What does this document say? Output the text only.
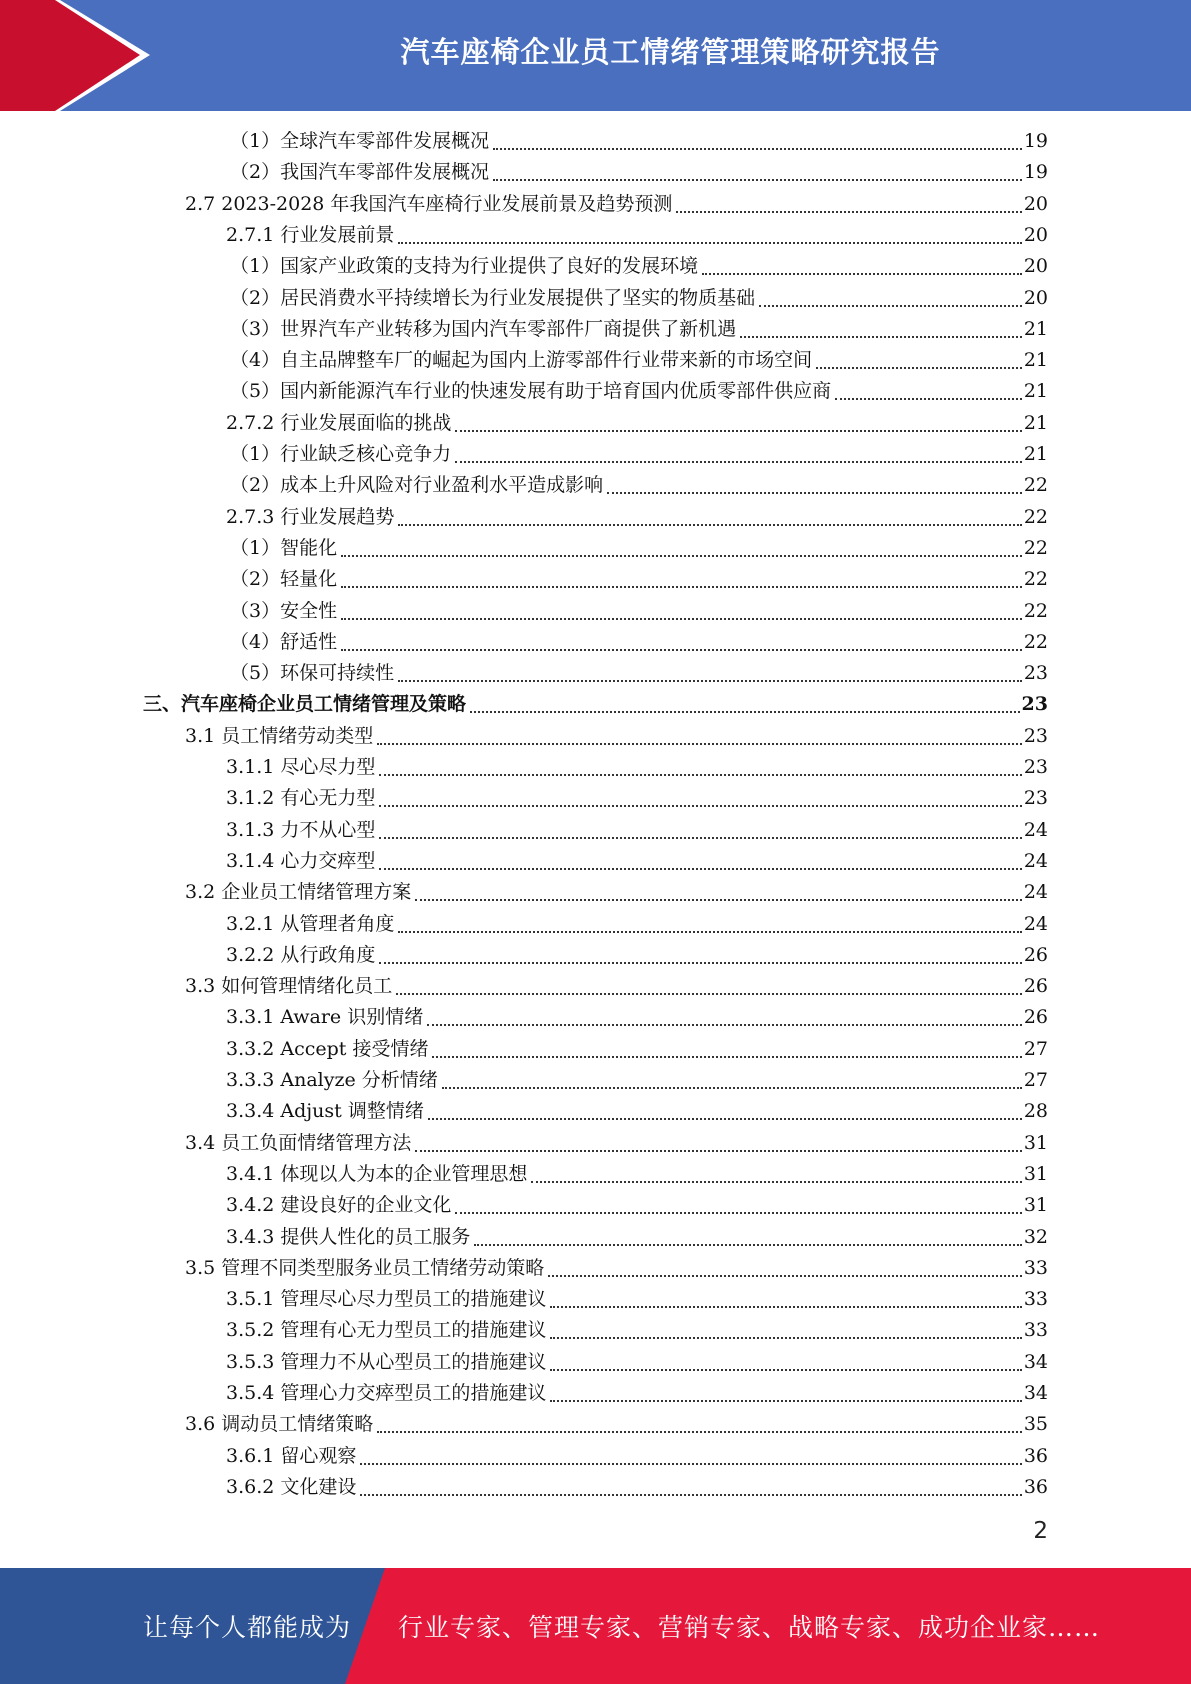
汽车座椅企业员工情绪管理策略研究报告
（1）全球汽车零部件发展概况	19
（2）我国汽车零部件发展概况	19
2.7 2023-2028 年我国汽车座椅行业发展前景及趋势预测	20
2.7.1 行业发展前景	20
（1）国家产业政策的支持为行业提供了良好的发展环境	20
（2）居民消费水平持续增长为行业发展提供了坚实的物质基础	20
（3）世界汽车产业转移为国内汽车零部件厂商提供了新机遇	21
（4）自主品牌整车厂的崛起为国内上游零部件行业带来新的市场空间	21
（5）国内新能源汽车行业的快速发展有助于培育国内优质零部件供应商	21
2.7.2 行业发展面临的挑战	21
（1）行业缺乏核心竞争力	21
（2）成本上升风险对行业盈利水平造成影响	22
2.7.3 行业发展趋势	22
（1）智能化	22
（2）轻量化	22
（3）安全性	22
（4）舒适性	22
（5）环保可持续性	23
三、汽车座椅企业员工情绪管理及策略	23
3.1 员工情绪劳动类型	23
3.1.1 尽心尽力型	23
3.1.2 有心无力型	23
3.1.3 力不从心型	24
3.1.4 心力交瘁型	24
3.2 企业员工情绪管理方案	24
3.2.1 从管理者角度	24
3.2.2 从行政角度	26
3.3 如何管理情绪化员工	26
3.3.1 Aware 识别情绪	26
3.3.2 Accept 接受情绪	27
3.3.3 Analyze 分析情绪	27
3.3.4 Adjust 调整情绪	28
3.4 员工负面情绪管理方法	31
3.4.1 体现以人为本的企业管理思想	31
3.4.2 建设良好的企业文化	31
3.4.3 提供人性化的员工服务	32
3.5 管理不同类型服务业员工情绪劳动策略	33
3.5.1 管理尽心尽力型员工的措施建议	33
3.5.2 管理有心无力型员工的措施建议	33
3.5.3 管理力不从心型员工的措施建议	34
3.5.4 管理心力交瘁型员工的措施建议	34
3.6 调动员工情绪策略	35
3.6.1 留心观察	36
3.6.2 文化建设	36
2
让每个人都能成为 行业专家、管理专家、营销专家、战略专家、成功企业家……
